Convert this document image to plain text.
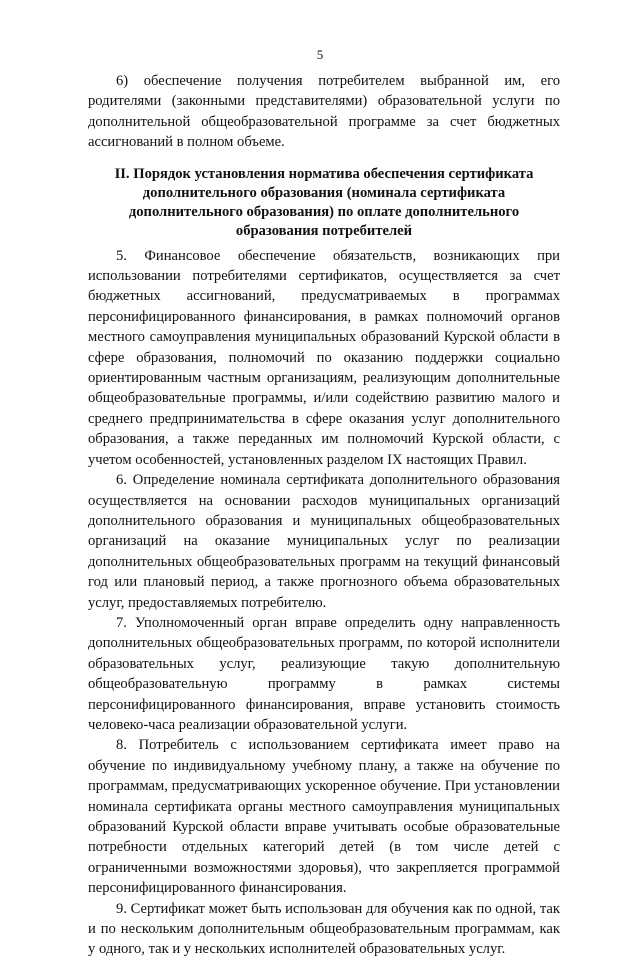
5

6) обеспечение получения потребителем выбранной им, его родителями (законными представителями) образовательной услуги по дополнительной общеобразовательной программе за счет бюджетных ассигнований в полном объеме.

II. Порядок установления норматива обеспечения сертификата дополнительного образования (номинала сертификата дополнительного образования) по оплате дополнительного образования потребителей

5. Финансовое обеспечение обязательств, возникающих при использовании потребителями сертификатов, осуществляется за счет бюджетных ассигнований, предусматриваемых в программах персонифицированного финансирования, в рамках полномочий органов местного самоуправления муниципальных образований Курской области в сфере образования, полномочий по оказанию поддержки социально ориентированным частным организациям, реализующим дополнительные общеобразовательные программы, и/или содействию развитию малого и среднего предпринимательства в сфере оказания услуг дополнительного образования, а также переданных им полномочий Курской области, с учетом особенностей, установленных разделом IX настоящих Правил.

6. Определение номинала сертификата дополнительного образования осуществляется на основании расходов муниципальных организаций дополнительного образования и муниципальных общеобразовательных организаций на оказание муниципальных услуг по реализации дополнительных общеобразовательных программ на текущий финансовый год или плановый период, а также прогнозного объема образовательных услуг, предоставляемых потребителю.

7. Уполномоченный орган вправе определить одну направленность дополнительных общеобразовательных программ, по которой исполнители образовательных услуг, реализующие такую дополнительную общеобразовательную программу в рамках системы персонифицированного финансирования, вправе установить стоимость человеко-часа реализации образовательной услуги.

8. Потребитель с использованием сертификата имеет право на обучение по индивидуальному учебному плану, а также на обучение по программам, предусматривающих ускоренное обучение. При установлении номинала сертификата органы местного самоуправления муниципальных образований Курской области вправе учитывать особые образовательные потребности отдельных категорий детей (в том числе детей с ограниченными возможностями здоровья), что закрепляется программой персонифицированного финансирования.

9. Сертификат может быть использован для обучения как по одной, так и по нескольким дополнительным общеобразовательным программам, как у одного, так и у нескольких исполнителей образовательных услуг.
